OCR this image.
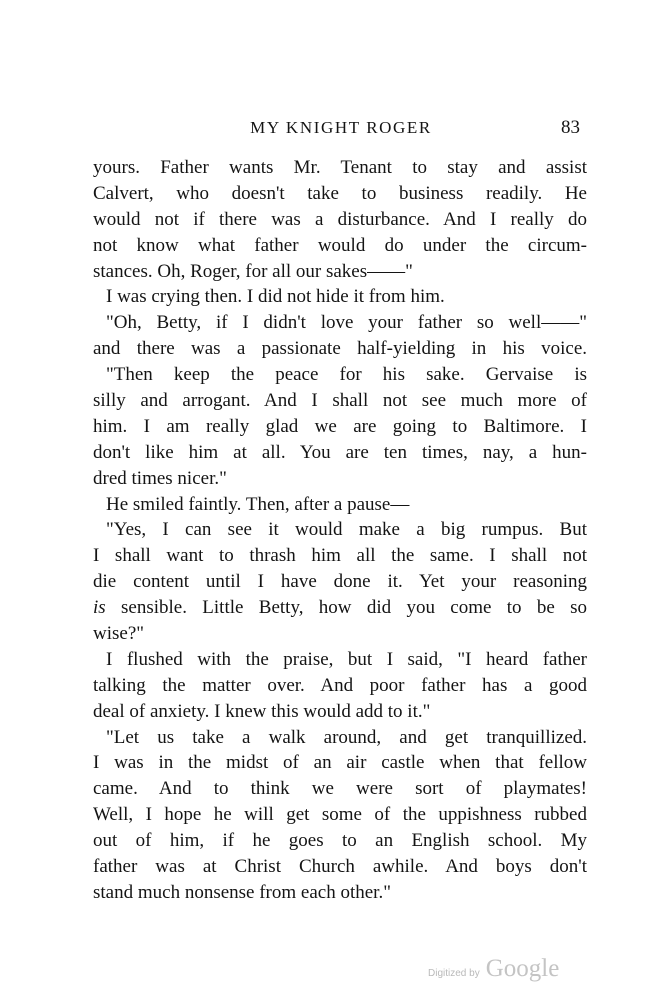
MY KNIGHT ROGER	83
yours. Father wants Mr. Tenant to stay and assist
Calvert, who doesn't take to business readily. He
would not if there was a disturbance. And I really do
not know what father would do under the circum-
stances. Oh, Roger, for all our sakes——"
I was crying then. I did not hide it from him.
"Oh, Betty, if I didn't love your father so well——"
and there was a passionate half-yielding in his voice.
"Then keep the peace for his sake. Gervaise is
silly and arrogant. And I shall not see much more of
him. I am really glad we are going to Baltimore. I
don't like him at all. You are ten times, nay, a hun-
dred times nicer."
He smiled faintly. Then, after a pause—
"Yes, I can see it would make a big rumpus. But
I shall want to thrash him all the same. I shall not
die content until I have done it. Yet your reasoning
is sensible. Little Betty, how did you come to be so
wise?"
I flushed with the praise, but I said, "I heard father
talking the matter over. And poor father has a good
deal of anxiety. I knew this would add to it."
"Let us take a walk around, and get tranquillized.
I was in the midst of an air castle when that fellow
came. And to think we were sort of playmates!
Well, I hope he will get some of the uppishness rubbed
out of him, if he goes to an English school. My
father was at Christ Church awhile. And boys don't
stand much nonsense from each other."
Digitized by Google
